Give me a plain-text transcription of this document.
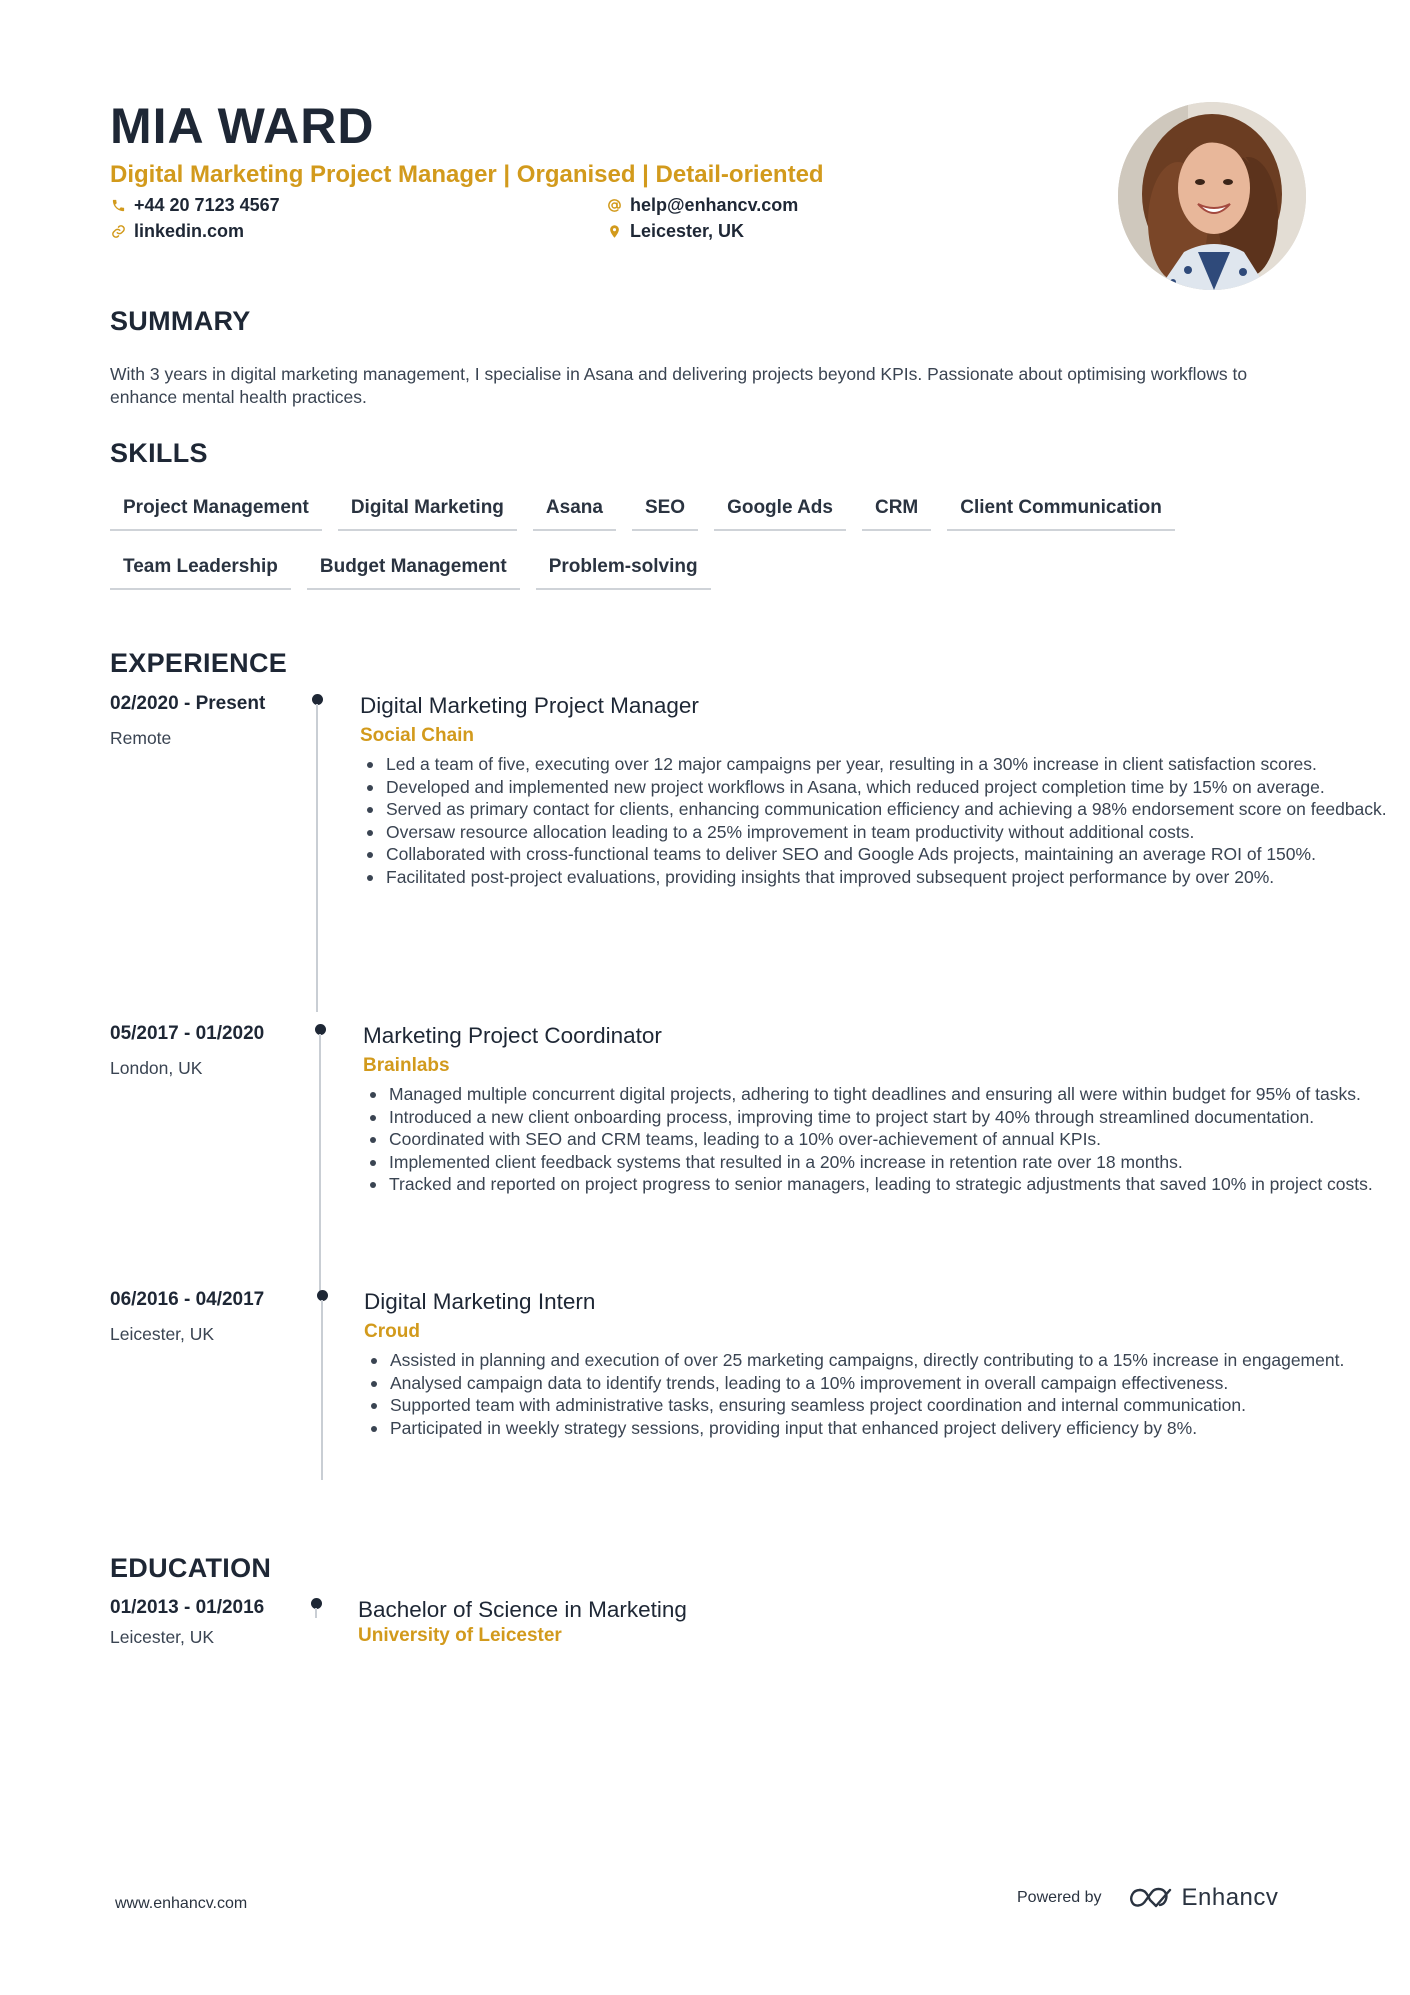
MIA WARD
Digital Marketing Project Manager | Organised | Detail-oriented
+44 20 7123 4567	help@enhancv.com
linkedin.com	Leicester, UK
SUMMARY
With 3 years in digital marketing management, I specialise in Asana and delivering projects beyond KPIs. Passionate about optimising workflows to enhance mental health practices.
SKILLS
Project Management	Digital Marketing	Asana	SEO	Google Ads	CRM	Client Communication
Team Leadership	Budget Management	Problem-solving
EXPERIENCE
02/2020 - Present
Remote
Digital Marketing Project Manager
Social Chain
Led a team of five, executing over 12 major campaigns per year, resulting in a 30% increase in client satisfaction scores.
Developed and implemented new project workflows in Asana, which reduced project completion time by 15% on average.
Served as primary contact for clients, enhancing communication efficiency and achieving a 98% endorsement score on feedback.
Oversaw resource allocation leading to a 25% improvement in team productivity without additional costs.
Collaborated with cross-functional teams to deliver SEO and Google Ads projects, maintaining an average ROI of 150%.
Facilitated post-project evaluations, providing insights that improved subsequent project performance by over 20%.
05/2017 - 01/2020
London, UK
Marketing Project Coordinator
Brainlabs
Managed multiple concurrent digital projects, adhering to tight deadlines and ensuring all were within budget for 95% of tasks.
Introduced a new client onboarding process, improving time to project start by 40% through streamlined documentation.
Coordinated with SEO and CRM teams, leading to a 10% over-achievement of annual KPIs.
Implemented client feedback systems that resulted in a 20% increase in retention rate over 18 months.
Tracked and reported on project progress to senior managers, leading to strategic adjustments that saved 10% in project costs.
06/2016 - 04/2017
Leicester, UK
Digital Marketing Intern
Croud
Assisted in planning and execution of over 25 marketing campaigns, directly contributing to a 15% increase in engagement.
Analysed campaign data to identify trends, leading to a 10% improvement in overall campaign effectiveness.
Supported team with administrative tasks, ensuring seamless project coordination and internal communication.
Participated in weekly strategy sessions, providing input that enhanced project delivery efficiency by 8%.
EDUCATION
01/2013 - 01/2016
Leicester, UK
Bachelor of Science in Marketing
University of Leicester
www.enhancv.com	Powered by	Enhancv
